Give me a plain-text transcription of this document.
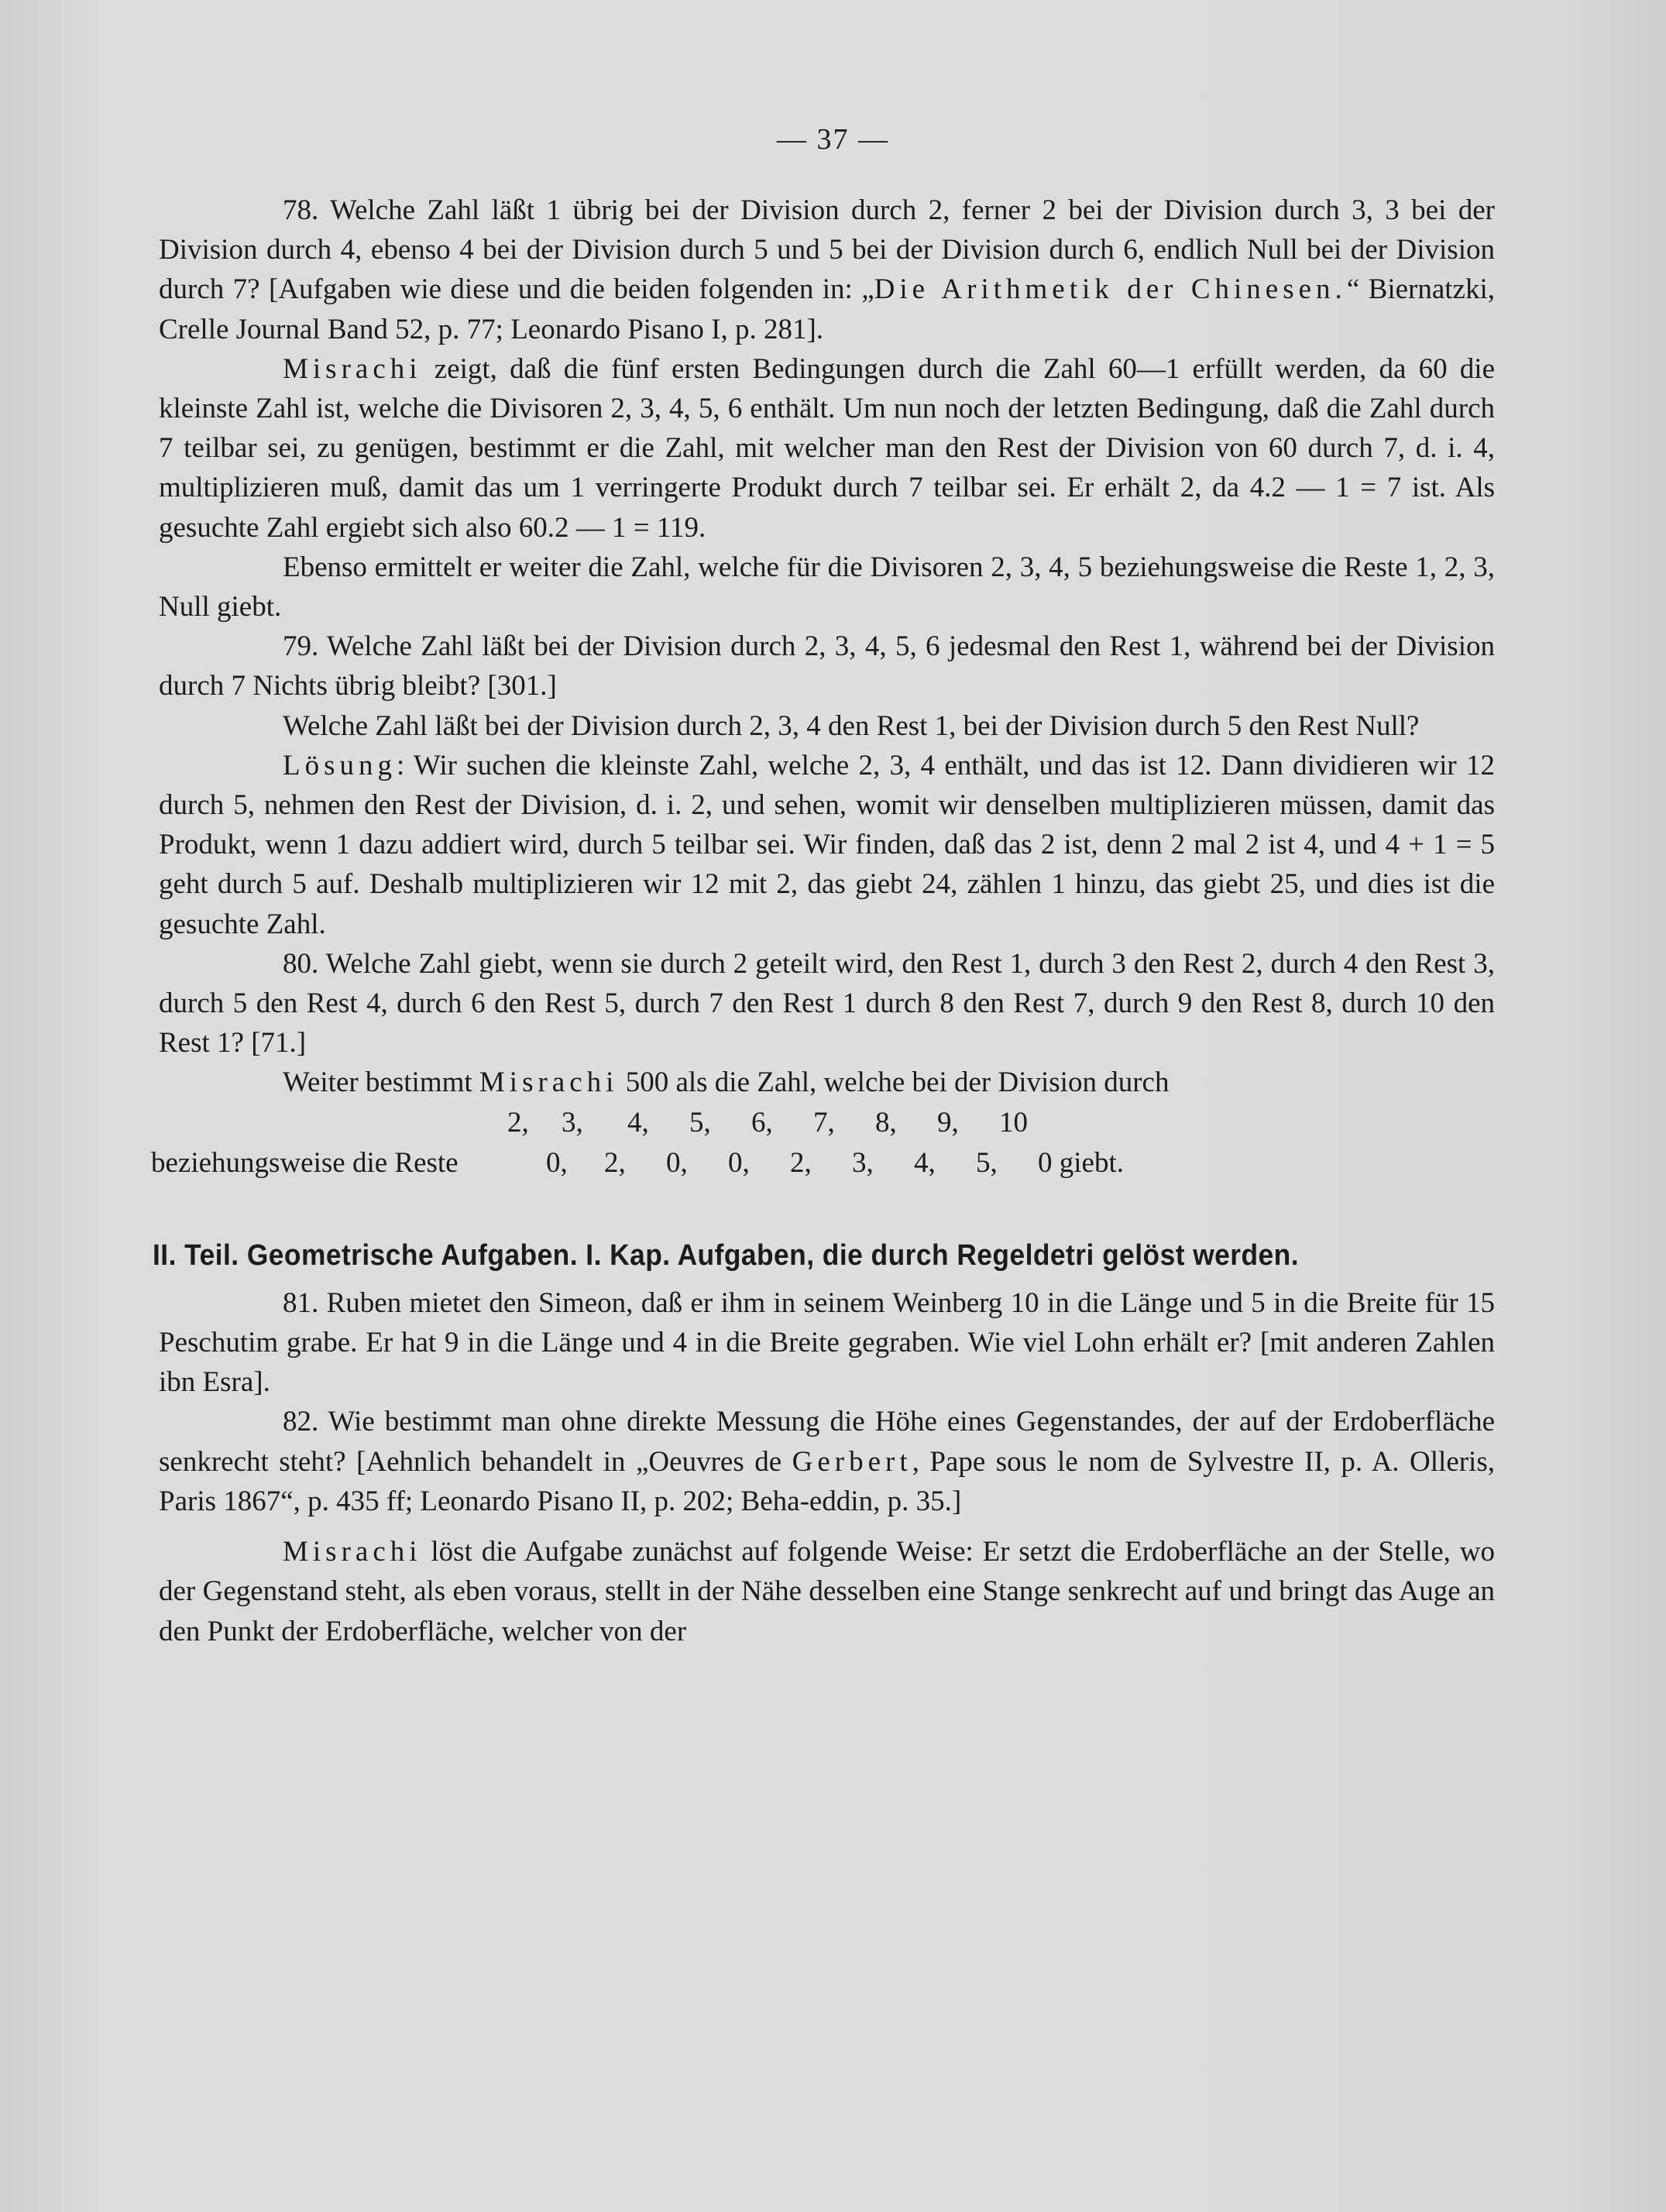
— 37 —

78. Welche Zahl läßt 1 übrig bei der Division durch 2, ferner 2 bei der Division durch 3, 3 bei der Division durch 4, ebenso 4 bei der Division durch 5 und 5 bei der Division durch 6, endlich Null bei der Division durch 7? [Aufgaben wie diese und die beiden folgenden in: „Die Arithmetik der Chinesen.“ Biernatzki, Crelle Journal Band 52, p. 77; Leonardo Pisano I, p. 281].

Misrachi zeigt, daß die fünf ersten Bedingungen durch die Zahl 60—1 erfüllt werden, da 60 die kleinste Zahl ist, welche die Divisoren 2, 3, 4, 5, 6 enthält. Um nun noch der letzten Bedingung, daß die Zahl durch 7 teilbar sei, zu genügen, bestimmt er die Zahl, mit welcher man den Rest der Division von 60 durch 7, d. i. 4, multiplizieren muß, damit das um 1 verringerte Produkt durch 7 teilbar sei. Er erhält 2, da 4.2 — 1 = 7 ist. Als gesuchte Zahl ergiebt sich also 60.2 — 1 = 119.

Ebenso ermittelt er weiter die Zahl, welche für die Divisoren 2, 3, 4, 5 beziehungsweise die Reste 1, 2, 3, Null giebt.

79. Welche Zahl läßt bei der Division durch 2, 3, 4, 5, 6 jedesmal den Rest 1, während bei der Division durch 7 Nichts übrig bleibt? [301.]

Welche Zahl läßt bei der Division durch 2, 3, 4 den Rest 1, bei der Division durch 5 den Rest Null?

Lösung: Wir suchen die kleinste Zahl, welche 2, 3, 4 enthält, und das ist 12. Dann dividieren wir 12 durch 5, nehmen den Rest der Division, d. i. 2, und sehen, womit wir denselben multiplizieren müssen, damit das Produkt, wenn 1 dazu addiert wird, durch 5 teilbar sei. Wir finden, daß das 2 ist, denn 2 mal 2 ist 4, und 4 + 1 = 5 geht durch 5 auf. Deshalb multiplizieren wir 12 mit 2, das giebt 24, zählen 1 hinzu, das giebt 25, und dies ist die gesuchte Zahl.

80. Welche Zahl giebt, wenn sie durch 2 geteilt wird, den Rest 1, durch 3 den Rest 2, durch 4 den Rest 3, durch 5 den Rest 4, durch 6 den Rest 5, durch 7 den Rest 1 durch 8 den Rest 7, durch 9 den Rest 8, durch 10 den Rest 1? [71.]

Weiter bestimmt Misrachi 500 als die Zahl, welche bei der Division durch

2, 3, 4, 5, 6, 7, 8, 9, 10
beziehungsweise die Reste	0, 2, 0, 0, 2, 3, 4, 5, 0 giebt.

II. Teil. Geometrische Aufgaben. I. Kap. Aufgaben, die durch Regeldetri gelöst werden.

81. Ruben mietet den Simeon, daß er ihm in seinem Weinberg 10 in die Länge und 5 in die Breite für 15 Peschutim grabe. Er hat 9 in die Länge und 4 in die Breite gegraben. Wie viel Lohn erhält er? [mit anderen Zahlen ibn Esra].

82. Wie bestimmt man ohne direkte Messung die Höhe eines Gegenstandes, der auf der Erdoberfläche senkrecht steht? [Aehnlich behandelt in „Oeuvres de Gerbert, Pape sous le nom de Sylvestre II, p. A. Olleris, Paris 1867“, p. 435 ff; Leonardo Pisano II, p. 202; Beha-eddin, p. 35.]

Misrachi löst die Aufgabe zunächst auf folgende Weise: Er setzt die Erdoberfläche an der Stelle, wo der Gegenstand steht, als eben voraus, stellt in der Nähe desselben eine Stange senkrecht auf und bringt das Auge an den Punkt der Erdoberfläche, welcher von der
